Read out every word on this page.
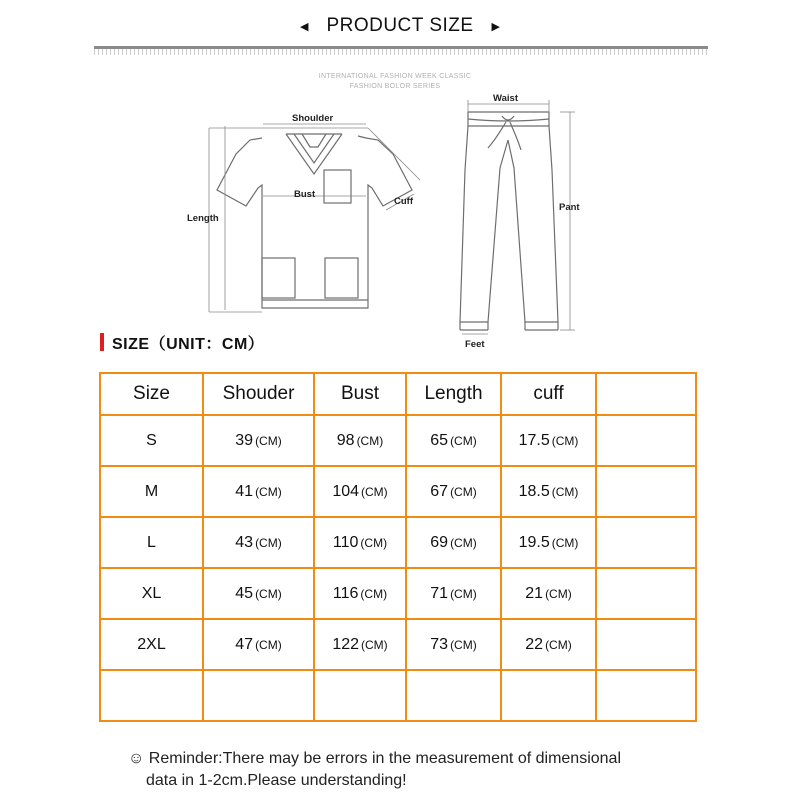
◀ PRODUCT SIZE ▶
INTERNATIONAL FASHION WEEK CLASSIC
FASHION BOLOR SERIES
Shoulder
Bust
Length
Cuff
Waist
Pant
Feet
SIZE（UNIT：CM）
Size	Shouder	Bust	Length	cuff	
S	39 (CM)	98 (CM)	65 (CM)	17.5 (CM)	
M	41 (CM)	104 (CM)	67 (CM)	18.5 (CM)	
L	43 (CM)	110 (CM)	69 (CM)	19.5 (CM)	
XL	45 (CM)	116 (CM)	71 (CM)	21 (CM)	
2XL	47 (CM)	122 (CM)	73 (CM)	22 (CM)	

☺ Reminder:There may be errors in the measurement of dimensional
data in 1-2cm.Please understanding!
